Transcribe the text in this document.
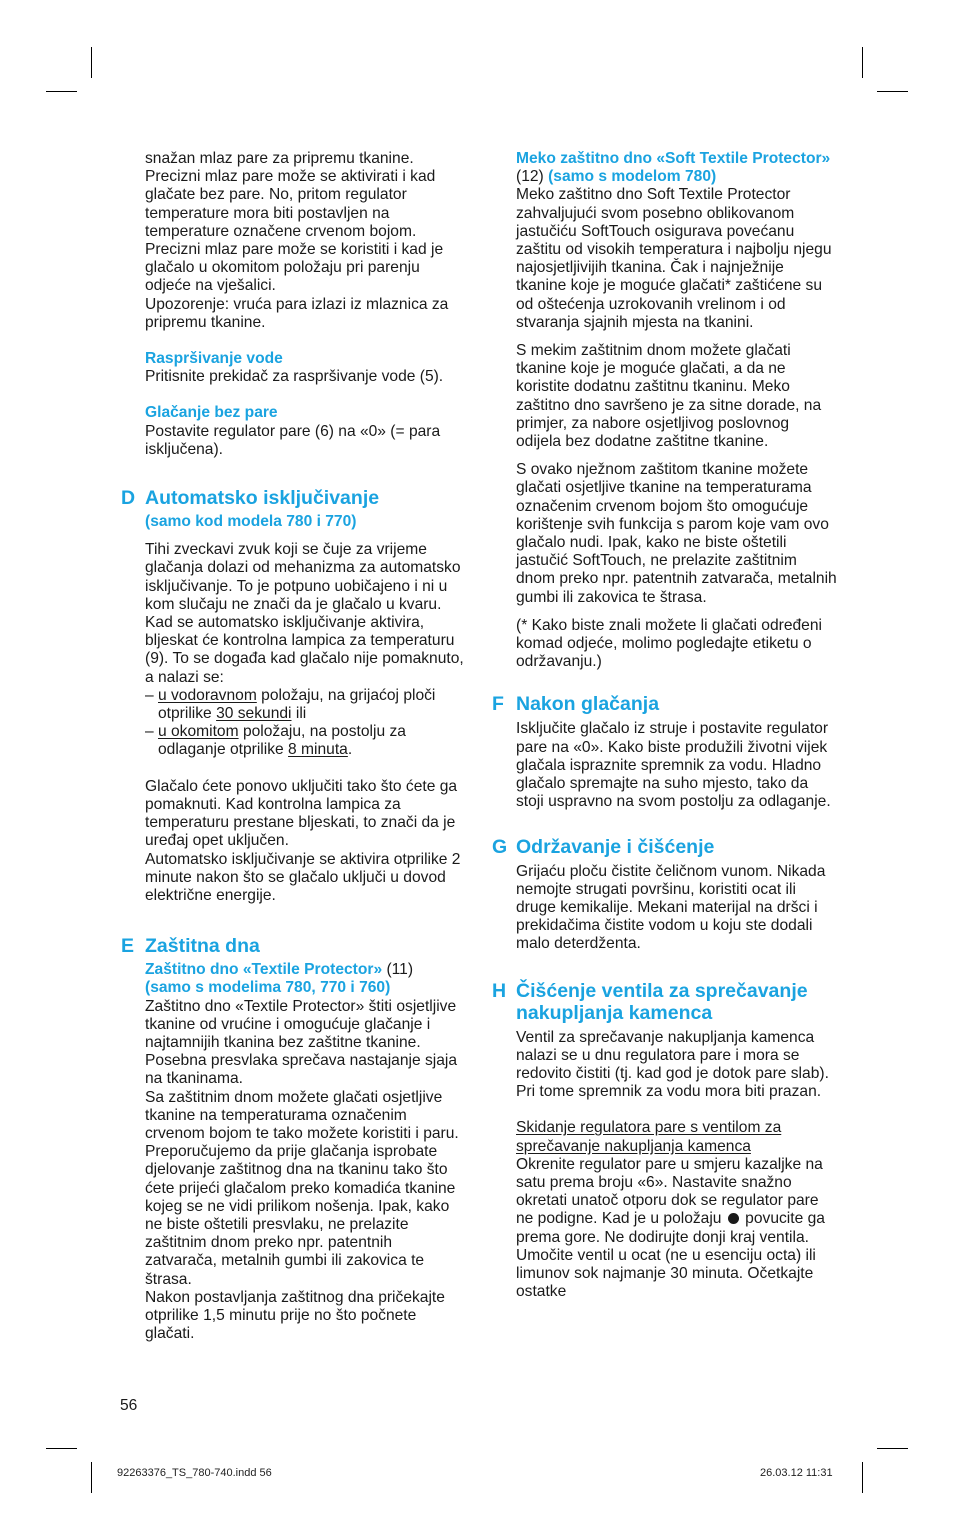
snažan mlaz pare za pripremu tkanine. Precizni mlaz pare može se aktivirati i kad glačate bez pare. No, pritom regulator temperature mora biti postavljen na temperature označene crvenom bojom. Precizni mlaz pare može se koristiti i kad je glačalo u okomitom položaju pri parenju odjeće na vješalici.

Upozorenje: vruća para izlazi iz mlaznica za pripremu tkanine.

Raspršivanje vode

Pritisnite prekidač za raspršivanje vode (5).

Glačanje bez pare

Postavite regulator pare (6) na «0» (= para isključena).

D Automatsko isključivanje

(samo kod modela 780 i 770)

Tihi zveckavi zvuk koji se čuje za vrijeme glačanja dolazi od mehanizma za automatsko isključivanje. To je potpuno uobičajeno i ni u kom slučaju ne znači da je glačalo u kvaru.

Kad se automatsko isključivanje aktivira, bljeskat će kontrolna lampica za temperaturu (9). To se događa kad glačalo nije pomaknuto, a nalazi se:

– u vodoravnom položaju, na grijaćoj ploči otprilike 30 sekundi ili
– u okomitom položaju, na postolju za odlaganje otprilike 8 minuta.

Glačalo ćete ponovo uključiti tako što ćete ga pomaknuti. Kad kontrolna lampica za temperaturu prestane bljeskati, to znači da je uređaj opet uključen.

Automatsko isključivanje se aktivira otprilike 2 minute nakon što se glačalo uključi u dovod električne energije.

E Zaštitna dna

Zaštitno dno «Textile Protector» (11)

(samo s modelima 780, 770 i 760)

Zaštitno dno «Textile Protector» štiti osjetljive tkanine od vrućine i omogućuje glačanje i najtamnijih tkanina bez zaštitne tkanine. Posebna presvlaka sprečava nastajanje sjaja na tkaninama.

Sa zaštitnim dnom možete glačati osjetljive tkanine na temperaturama označenim crvenom bojom te tako možete koristiti i paru.

Preporučujemo da prije glačanja isprobate djelovanje zaštitnog dna na tkaninu tako što ćete prijeći glačalom preko komadića tkanine kojeg se ne vidi prilikom nošenja. Ipak, kako ne biste oštetili presvlaku, ne prelazite zaštitnim dnom preko npr. patentnih zatvarača, metalnih gumbi ili zakovica te štrasa.

Nakon postavljanja zaštitnog dna pričekajte otprilike 1,5 minutu prije no što počnete glačati.

Meko zaštitno dno «Soft Textile Protector» (12) (samo s modelom 780)

Meko zaštitno dno Soft Textile Protector zahvaljujući svom posebno oblikovanom jastučiću SoftTouch osigurava povećanu zaštitu od visokih temperatura i najbolju njegu najosjetljivijih tkanina. Čak i najnježnije tkanine koje je moguće glačati* zaštićene su od oštećenja uzrokovanih vrelinom i od stvaranja sjajnih mjesta na tkanini.

S mekim zaštitnim dnom možete glačati tkanine koje je moguće glačati, a da ne koristite dodatnu zaštitnu tkaninu. Meko zaštitno dno savršeno je za sitne dorade, na primjer, za nabore osjetljivog poslovnog odijela bez dodatne zaštitne tkanine.

S ovako nježnom zaštitom tkanine možete glačati osjetljive tkanine na temperaturama označenim crvenom bojom što omogućuje korištenje svih funkcija s parom koje vam ovo glačalo nudi. Ipak, kako ne biste oštetili jastučić SoftTouch, ne prelazite zaštitnim dnom preko npr. patentnih zatvarača, metalnih gumbi ili zakovica te štrasa.

(* Kako biste znali možete li glačati određeni komad odjeće, molimo pogledajte etiketu o održavanju.)

F Nakon glačanja

Isključite glačalo iz struje i postavite regulator pare na «0». Kako biste produžili životni vijek glačala ispraznite spremnik za vodu. Hladno glačalo spremajte na suho mjesto, tako da stoji uspravno na svom postolju za odlaganje.

G Održavanje i čišćenje

Grijaću ploču čistite čeličnom vunom. Nikada nemojte strugati površinu, koristiti ocat ili druge kemikalije. Mekani materijal na dršci i prekidačima čistite vodom u koju ste dodali malo deterdženta.

H Čišćenje ventila za sprečavanje nakupljanja kamenca

Ventil za sprečavanje nakupljanja kamenca nalazi se u dnu regulatora pare i mora se redovito čistiti (tj. kad god je dotok pare slab). Pri tome spremnik za vodu mora biti prazan.

Skidanje regulatora pare s ventilom za sprečavanje nakupljanja kamenca

Okrenite regulator pare u smjeru kazaljke na satu prema broju «6». Nastavite snažno okretati unatoč otporu dok se regulator pare ne podigne. Kad je u položaju povucite ga prema gore. Ne dodirujte donji kraj ventila. Umočite ventil u ocat (ne u esenciju octa) ili limunov sok najmanje 30 minuta. Očetkajte ostatke

56
92263376_TS_780-740.indd 56	26.03.12 11:31
